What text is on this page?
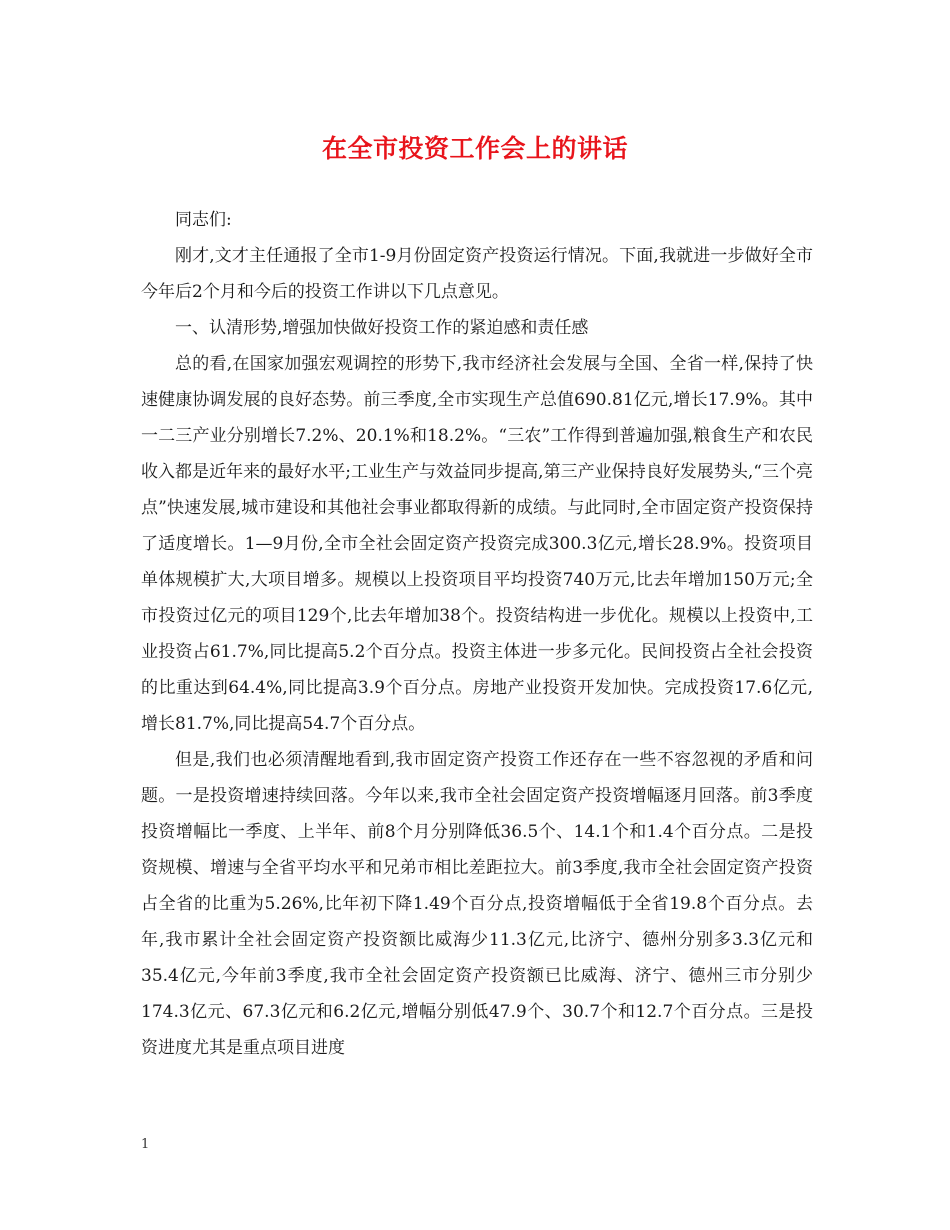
在全市投资工作会上的讲话

同志们:

刚才,文才主任通报了全市1-9月份固定资产投资运行情况。下面,我就进一步做好全市今年后2个月和今后的投资工作讲以下几点意见。

一、认清形势,增强加快做好投资工作的紧迫感和责任感

总的看,在国家加强宏观调控的形势下,我市经济社会发展与全国、全省一样,保持了快速健康协调发展的良好态势。前三季度,全市实现生产总值690.81亿元,增长17.9%。其中一二三产业分别增长7.2%、20.1%和18.2%。“三农”工作得到普遍加强,粮食生产和农民收入都是近年来的最好水平;工业生产与效益同步提高,第三产业保持良好发展势头,“三个亮点”快速发展,城市建设和其他社会事业都取得新的成绩。与此同时,全市固定资产投资保持了适度增长。1—9月份,全市全社会固定资产投资完成300.3亿元,增长28.9%。投资项目单体规模扩大,大项目增多。规模以上投资项目平均投资740万元,比去年增加150万元;全市投资过亿元的项目129个,比去年增加38个。投资结构进一步优化。规模以上投资中,工业投资占61.7%,同比提高5.2个百分点。投资主体进一步多元化。民间投资占全社会投资的比重达到64.4%,同比提高3.9个百分点。房地产业投资开发加快。完成投资17.6亿元,增长81.7%,同比提高54.7个百分点。

但是,我们也必须清醒地看到,我市固定资产投资工作还存在一些不容忽视的矛盾和问题。一是投资增速持续回落。今年以来,我市全社会固定资产投资增幅逐月回落。前3季度投资增幅比一季度、上半年、前8个月分别降低36.5个、14.1个和1.4个百分点。二是投资规模、增速与全省平均水平和兄弟市相比差距拉大。前3季度,我市全社会固定资产投资占全省的比重为5.26%,比年初下降1.49个百分点,投资增幅低于全省19.8个百分点。去年,我市累计全社会固定资产投资额比威海少11.3亿元,比济宁、德州分别多3.3亿元和35.4亿元,今年前3季度,我市全社会固定资产投资额已比威海、济宁、德州三市分别少174.3亿元、67.3亿元和6.2亿元,增幅分别低47.9个、30.7个和12.7个百分点。三是投资进度尤其是重点项目进度

1
